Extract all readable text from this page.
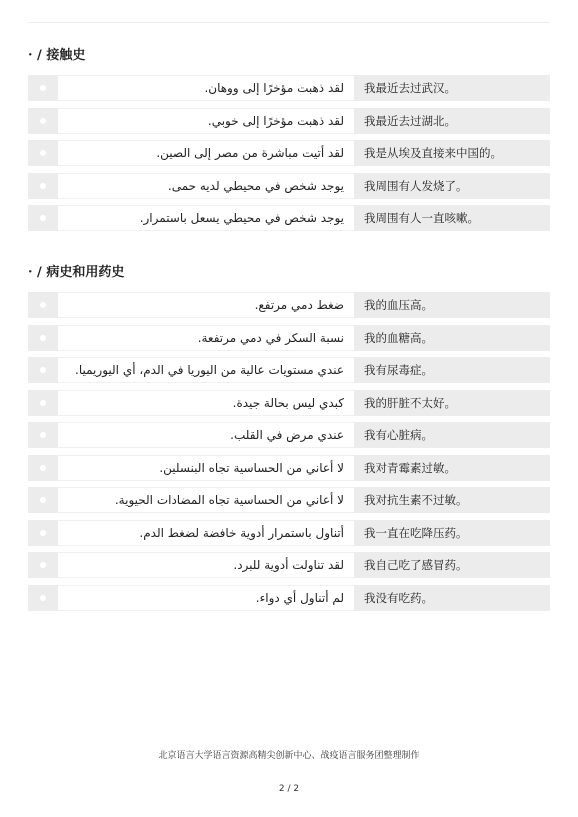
· / 接触史
لقد ذهبت مؤخرًا إلى ووهان.	我最近去过武汉。
لقد ذهبت مؤخرًا إلى خوبي.	我最近去过湖北。
لقد أتيت مباشرة من مصر إلى الصين.	我是从埃及直接来中国的。
يوجد شخص في محيطي لديه حمى.	我周围有人发烧了。
يوجد شخص في محيطي يسعل باستمرار.	我周围有人一直咳嗽。
· / 病史和用药史
ضغط دمي مرتفع.	我的血压高。
نسبة السكر في دمي مرتفعة.	我的血糖高。
عندي مستويات عالية من اليوريا في الدم، أي اليوريميا.	我有尿毒症。
كبدي ليس بحالة جيدة.	我的肝脏不太好。
عندي مرض في القلب.	我有心脏病。
لا أعاني من الحساسية تجاه البنسلين.	我对青霉素过敏。
لا أعاني من الحساسية تجاه المضادات الحيوية.	我对抗生素不过敏。
أتناول باستمرار أدوية خافضة لضغط الدم.	我一直在吃降压药。
لقد تناولت أدوية للبرد.	我自己吃了感冒药。
لم أتناول أي دواء.	我没有吃药。
北京语言大学语言资源高精尖创新中心、战疫语言服务团整理制作
2 / 2
